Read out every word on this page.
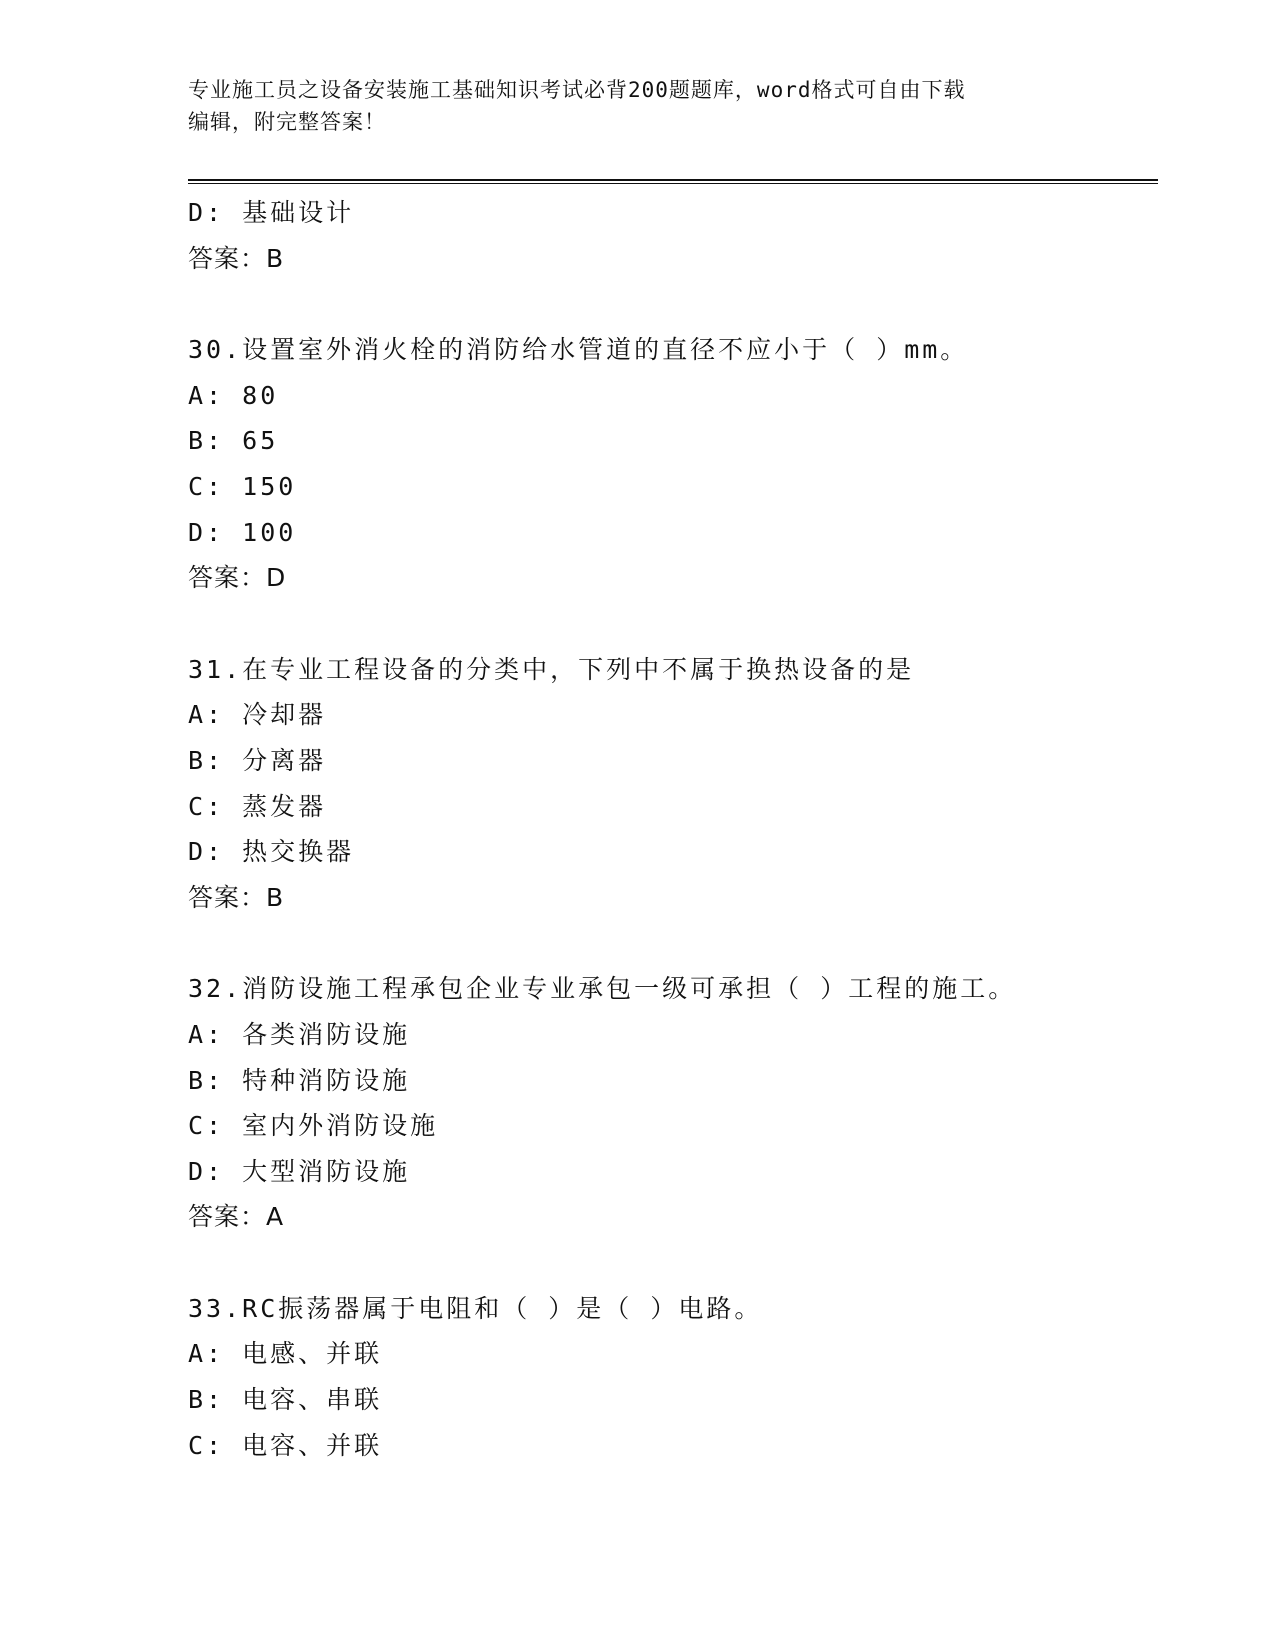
专业施工员之设备安装施工基础知识考试必背200题题库，word格式可自由下载
编辑，附完整答案！
D: 基础设计
答案：B
30.设置室外消火栓的消防给水管道的直径不应小于（ ）mm。
A: 80
B: 65
C: 150
D: 100
答案：D
31.在专业工程设备的分类中，下列中不属于换热设备的是
A: 冷却器
B: 分离器
C: 蒸发器
D: 热交换器
答案：B
32.消防设施工程承包企业专业承包一级可承担（ ）工程的施工。
A: 各类消防设施
B: 特种消防设施
C: 室内外消防设施
D: 大型消防设施
答案：A
33.RC振荡器属于电阻和（ ）是（ ）电路。
A: 电感、并联
B: 电容、串联
C: 电容、并联
